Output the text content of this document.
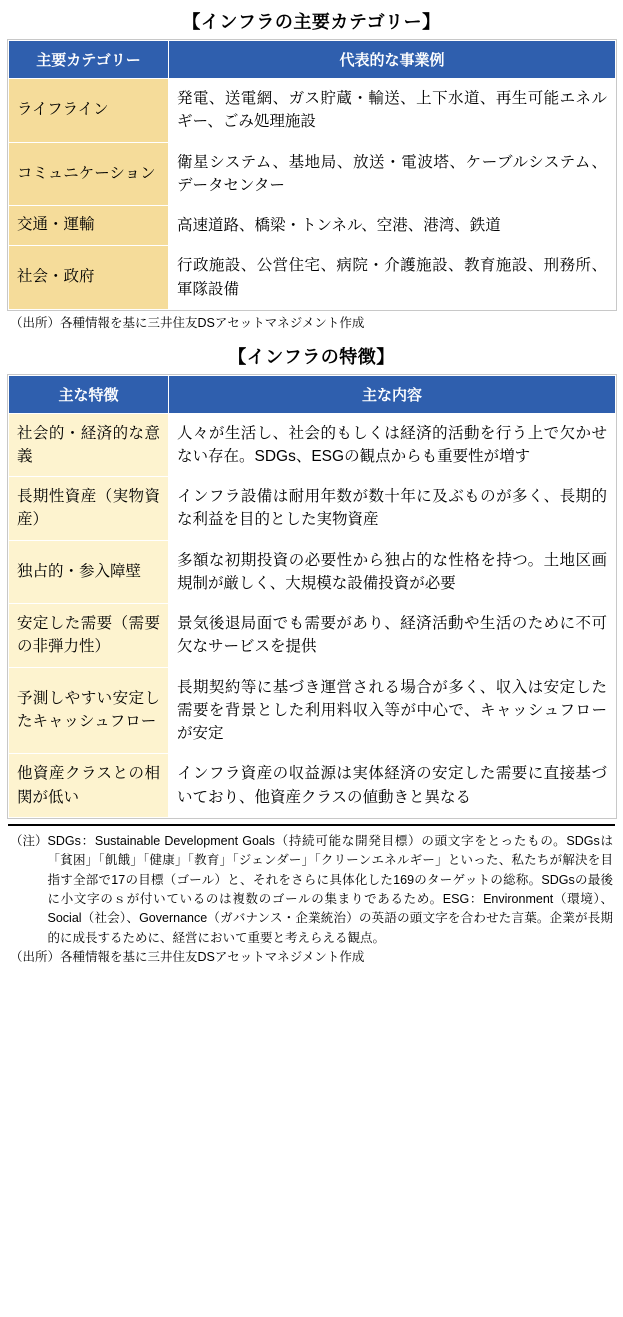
【インフラの主要カテゴリー】
主要カテゴリー	代表的な事業例
ライフライン	発電、送電網、ガス貯蔵・輸送、上下水道、再生可能エネルギー、ごみ処理施設
コミュニケーション	衛星システム、基地局、放送・電波塔、ケーブルシステム、データセンター
交通・運輸	高速道路、橋梁・トンネル、空港、港湾、鉄道
社会・政府	行政施設、公営住宅、病院・介護施設、教育施設、刑務所、軍隊設備
（出所）各種情報を基に三井住友DSアセットマネジメント作成
【インフラの特徴】
主な特徴	主な内容
社会的・経済的な意義	人々が生活し、社会的もしくは経済的活動を行う上で欠かせない存在。SDGs、ESGの観点からも重要性が増す
長期性資産（実物資産）	インフラ設備は耐用年数が数十年に及ぶものが多く、長期的な利益を目的とした実物資産
独占的・参入障壁	多額な初期投資の必要性から独占的な性格を持つ。土地区画規制が厳しく、大規模な設備投資が必要
安定した需要（需要の非弾力性）	景気後退局面でも需要があり、経済活動や生活のために不可欠なサービスを提供
予測しやすい安定したキャッシュフロー	長期契約等に基づき運営される場合が多く、収入は安定した需要を背景とした利用料収入等が中心で、キャッシュフローが安定
他資産クラスとの相関が低い	インフラ資産の収益源は実体経済の安定した需要に直接基づいており、他資産クラスの値動きと異なる
（注） SDGs：Sustainable Development Goals（持続可能な開発目標）の頭文字をとったもの。SDGsは「貧困」「飢餓」「健康」「教育」「ジェンダー」「クリーンエネルギー」といった、私たちが解決を目指す全部で17の目標（ゴール）と、それをさらに具体化した169のターゲットの総称。SDGsの最後に小文字のｓが付いているのは複数のゴールの集まりであるため。ESG：Environment（環境）、Social（社会）、Governance（ガバナンス・企業統治）の英語の頭文字を合わせた言葉。企業が長期的に成長するために、経営において重要と考えらえる観点。
（出所） 各種情報を基に三井住友DSアセットマネジメント作成
